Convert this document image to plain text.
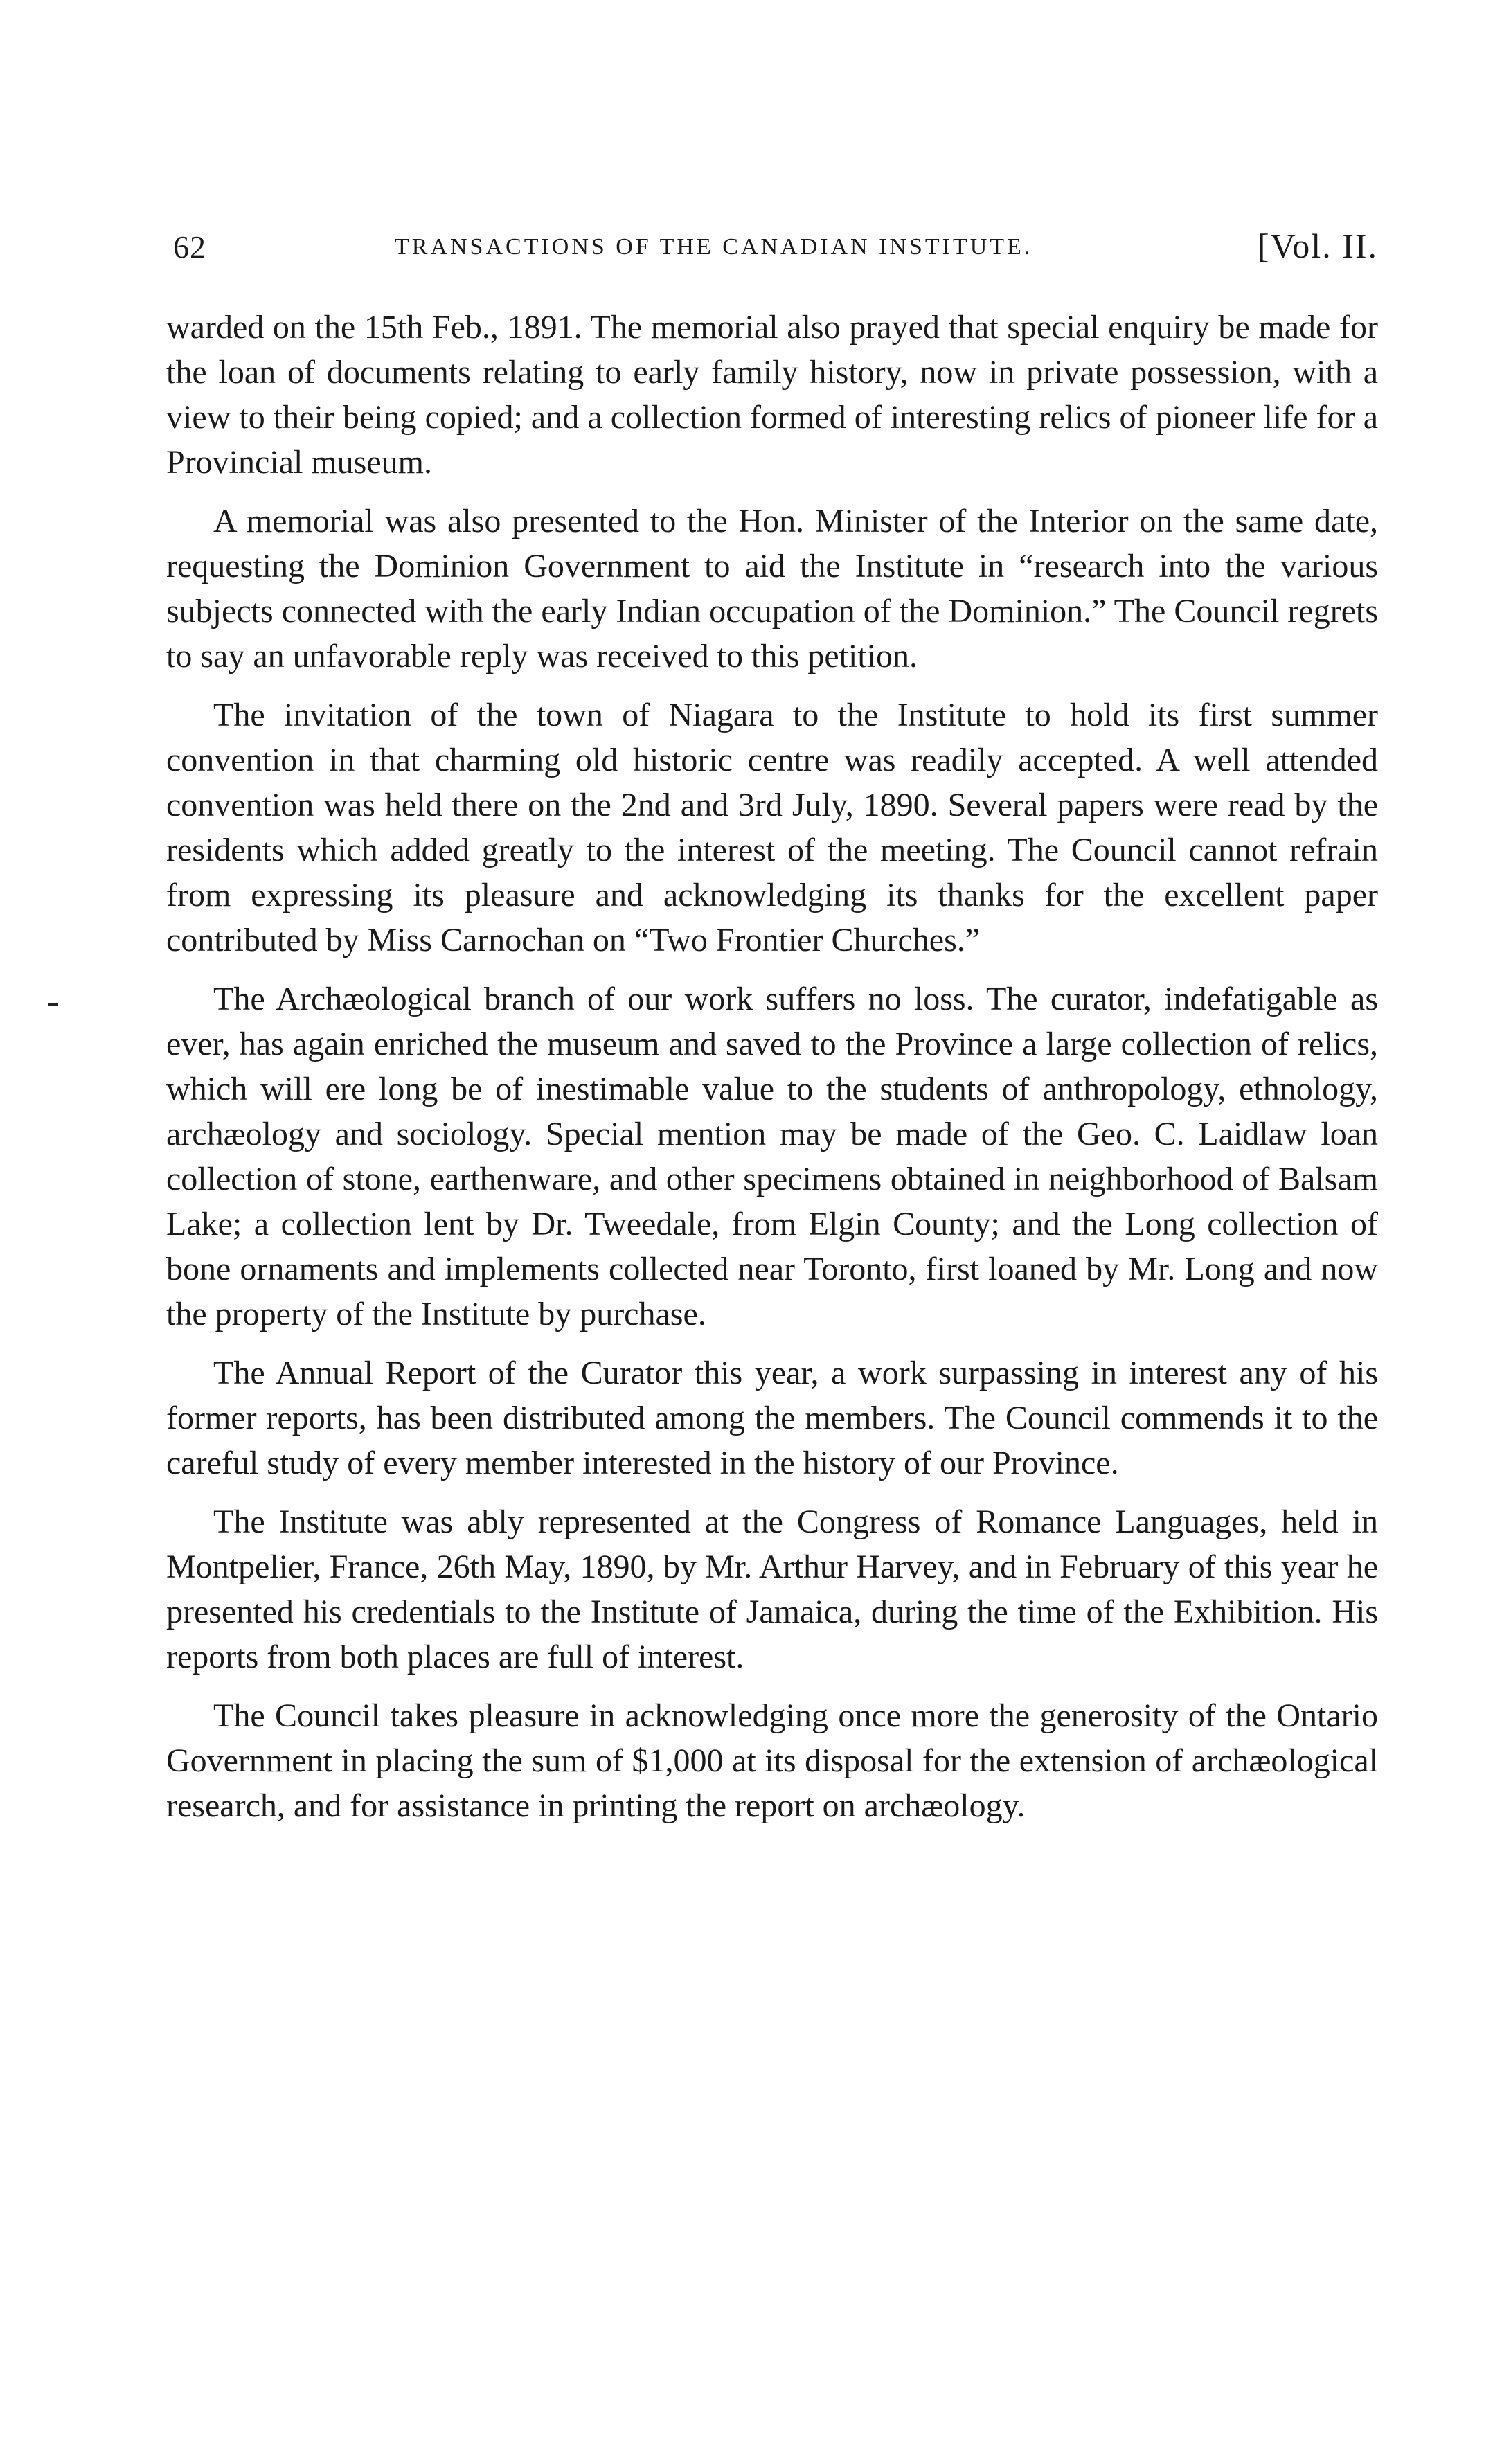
62	TRANSACTIONS OF THE CANADIAN INSTITUTE.	[Vol. II.

warded on the 15th Feb., 1891. The memorial also prayed that special enquiry be made for the loan of documents relating to early family history, now in private possession, with a view to their being copied; and a collection formed of interesting relics of pioneer life for a Provincial museum.

A memorial was also presented to the Hon. Minister of the Interior on the same date, requesting the Dominion Government to aid the Institute in “research into the various subjects connected with the early Indian occupation of the Dominion.” The Council regrets to say an unfavorable reply was received to this petition.

The invitation of the town of Niagara to the Institute to hold its first summer convention in that charming old historic centre was readily accepted. A well attended convention was held there on the 2nd and 3rd July, 1890. Several papers were read by the residents which added greatly to the interest of the meeting. The Council cannot refrain from expressing its pleasure and acknowledging its thanks for the excellent paper contributed by Miss Carnochan on “Two Frontier Churches.”

The Archæological branch of our work suffers no loss. The curator, indefatigable as ever, has again enriched the museum and saved to the Province a large collection of relics, which will ere long be of inestimable value to the students of anthropology, ethnology, archæology and sociology. Special mention may be made of the Geo. C. Laidlaw loan collection of stone, earthenware, and other specimens obtained in neighborhood of Balsam Lake; a collection lent by Dr. Tweedale, from Elgin County; and the Long collection of bone ornaments and implements collected near Toronto, first loaned by Mr. Long and now the property of the Institute by purchase.

The Annual Report of the Curator this year, a work surpassing in interest any of his former reports, has been distributed among the members. The Council commends it to the careful study of every member interested in the history of our Province.

The Institute was ably represented at the Congress of Romance Languages, held in Montpelier, France, 26th May, 1890, by Mr. Arthur Harvey, and in February of this year he presented his credentials to the Institute of Jamaica, during the time of the Exhibition. His reports from both places are full of interest.

The Council takes pleasure in acknowledging once more the generosity of the Ontario Government in placing the sum of $1,000 at its disposal for the extension of archæological research, and for assistance in printing the report on archæology.
